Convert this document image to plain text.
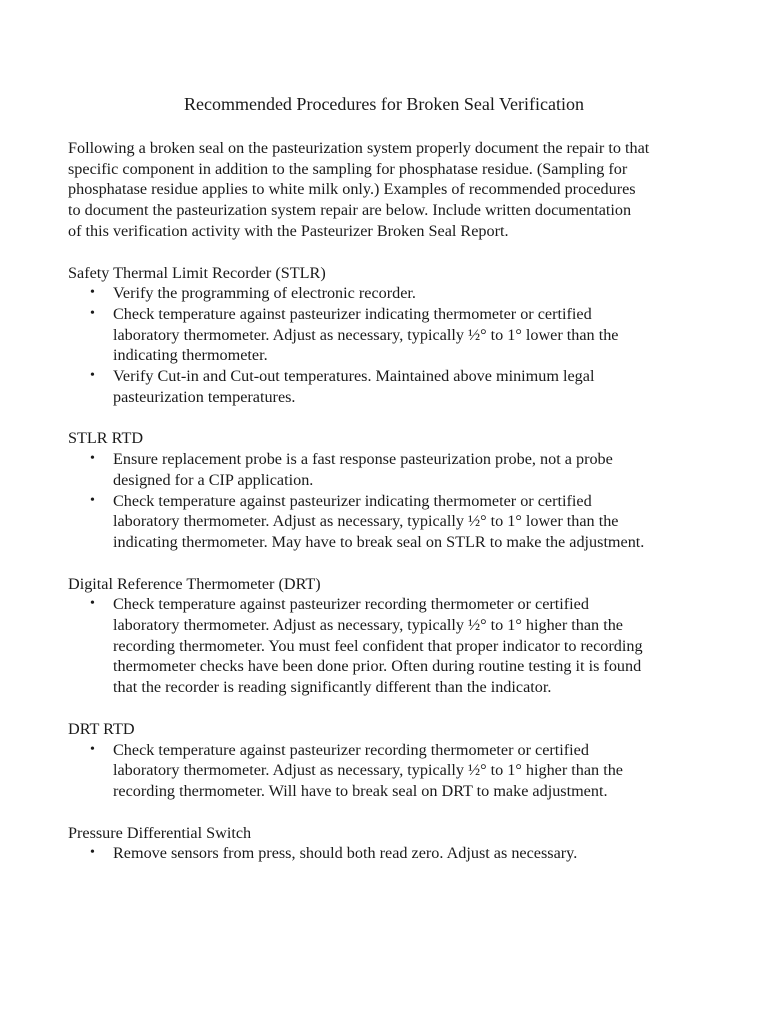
Recommended Procedures for Broken Seal Verification

Following a broken seal on the pasteurization system properly document the repair to that
specific component in addition to the sampling for phosphatase residue. (Sampling for
phosphatase residue applies to white milk only.) Examples of recommended procedures
to document the pasteurization system repair are below. Include written documentation
of this verification activity with the Pasteurizer Broken Seal Report.

Safety Thermal Limit Recorder (STLR)

• Verify the programming of electronic recorder.
• Check temperature against pasteurizer indicating thermometer or certified
laboratory thermometer. Adjust as necessary, typically ½° to 1° lower than the
indicating thermometer.
• Verify Cut-in and Cut-out temperatures. Maintained above minimum legal
pasteurization temperatures.

STLR RTD

• Ensure replacement probe is a fast response pasteurization probe, not a probe
designed for a CIP application.
• Check temperature against pasteurizer indicating thermometer or certified
laboratory thermometer. Adjust as necessary, typically ½° to 1° lower than the
indicating thermometer. May have to break seal on STLR to make the adjustment.

Digital Reference Thermometer (DRT)

• Check temperature against pasteurizer recording thermometer or certified
laboratory thermometer. Adjust as necessary, typically ½° to 1° higher than the
recording thermometer. You must feel confident that proper indicator to recording
thermometer checks have been done prior. Often during routine testing it is found
that the recorder is reading significantly different than the indicator.

DRT RTD

• Check temperature against pasteurizer recording thermometer or certified
laboratory thermometer. Adjust as necessary, typically ½° to 1° higher than the
recording thermometer. Will have to break seal on DRT to make adjustment.

Pressure Differential Switch

• Remove sensors from press, should both read zero. Adjust as necessary.
